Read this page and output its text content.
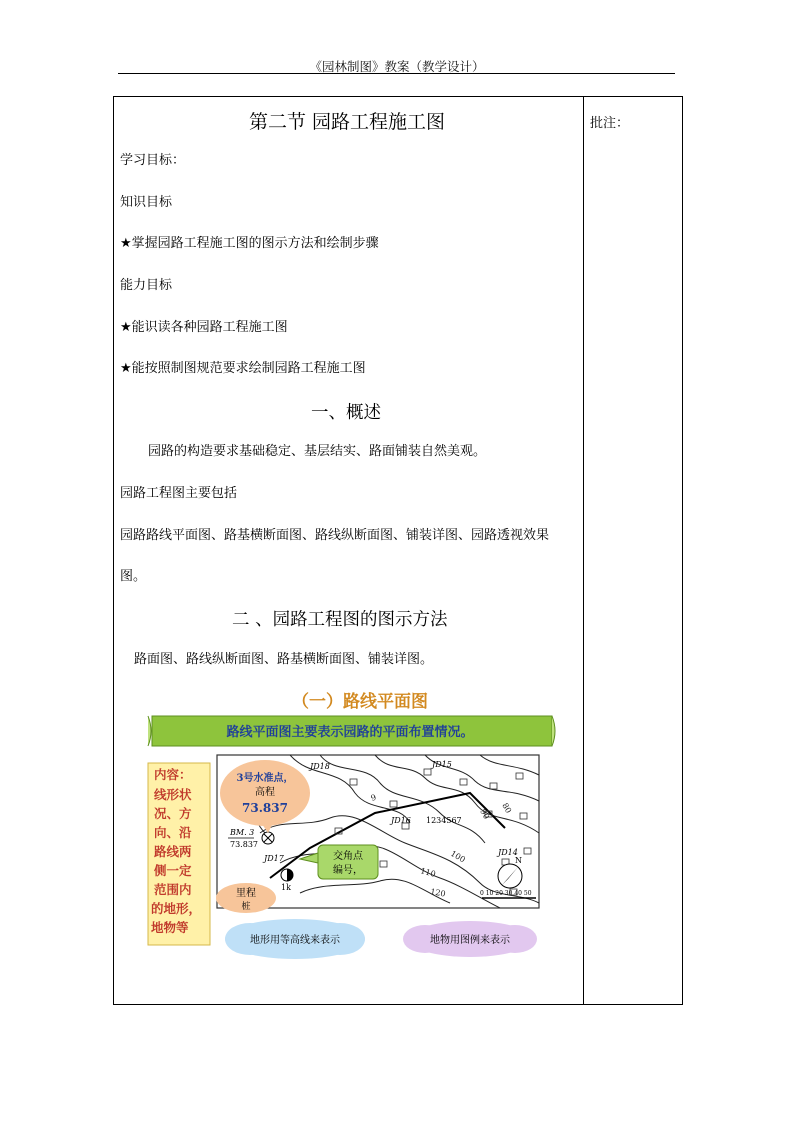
《园林制图》教案（教学设计）
批注：
第二节 园路工程施工图
学习目标：
知识目标
★掌握园路工程施工图的图示方法和绘制步骤
能力目标
★能识读各种园路工程施工图
★能按照制图规范要求绘制园路工程施工图
一、概述
园路的构造要求基础稳定、基层结实、路面铺装自然美观。
园路工程图主要包括
园路路线平面图、路基横断面图、路线纵断面图、铺装详图、园路透视效果
图。
二 、园路工程图的图示方法
路面图、路线纵断面图、路基横断面图、铺装详图。
（一）路线平面图
路线平面图主要表示园路的平面布置情况。
JD18	JD15
JD16
JD17
JD14
BM. 3
73.837
1234567
1k
90
100
110
120
80
9
N
0 10 20 30 40 50
内容：
线形状
况、方
向、沿
路线两
侧一定
范围内
的地形，
地物等
3号水准点，
高程
73.837
交角点
编号，
里程
桩
地形用等高线来表示	地物用图例来表示
